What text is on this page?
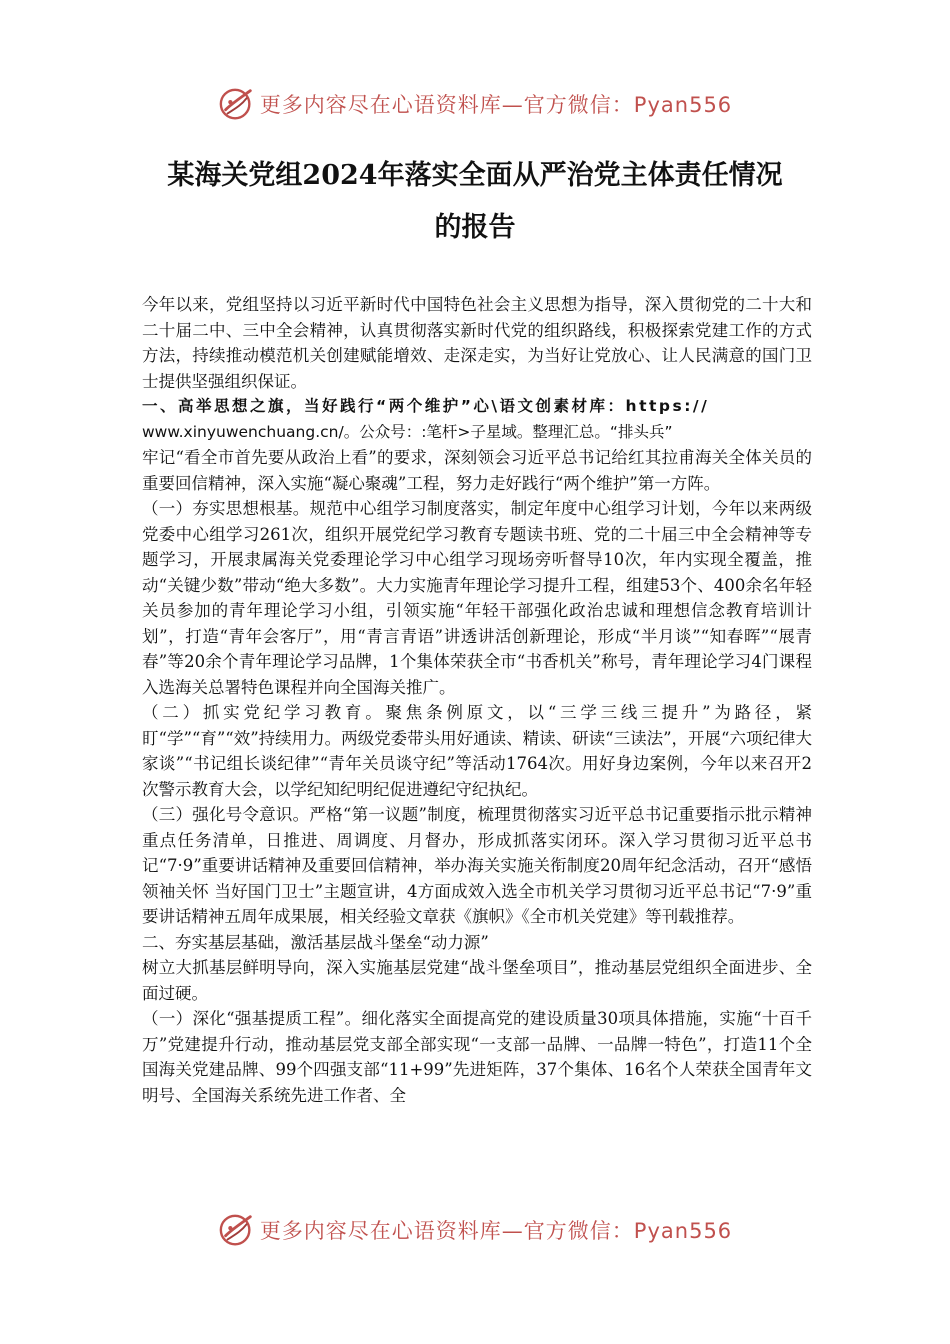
更多内容尽在心语资料库—官方微信：Pyan556
某海关党组2024年落实全面从严治党主体责任情况
的报告

今年以来，党组坚持以习近平新时代中国特色社会主义思想为指导，深入贯彻党的二十大和二十届二中、三中全会精神，认真贯彻落实新时代党的组织路线，积极探索党建工作的方式方法，持续推动模范机关创建赋能增效、走深走实，为当好让党放心、让人民满意的国门卫士提供坚强组织保证。

一、高举思想之旗，当好践行“两个维护”心\语文创素材库：https://

www.xinyuwenchuang.cn/。公众号：:笔杆>子星域。整理汇总。“排头兵”

牢记“看全市首先要从政治上看”的要求，深刻领会习近平总书记给红其拉甫海关全体关员的重要回信精神，深入实施“凝心聚魂”工程，努力走好践行“两个维护”第一方阵。

（一）夯实思想根基。规范中心组学习制度落实，制定年度中心组学习计划，今年以来两级党委中心组学习261次，组织开展党纪学习教育专题读书班、党的二十届三中全会精神等专题学习，开展隶属海关党委理论学习中心组学习现场旁听督导10次，年内实现全覆盖，推动“关键少数”带动“绝大多数”。大力实施青年理论学习提升工程，组建53个、400余名年轻关员参加的青年理论学习小组，引领实施“年轻干部强化政治忠诚和理想信念教育培训计划”，打造“青年会客厅”，用“青言青语”讲透讲活创新理论，形成“半月谈”“知春晖”“展青春”等20余个青年理论学习品牌，1个集体荣获全市“书香机关”称号，青年理论学习4门课程入选海关总署特色课程并向全国海关推广。

（二）抓实党纪学习教育。聚焦条例原文，以“三学三线三提升”为路径，紧盯“学”“育”“效”持续用力。两级党委带头用好通读、精读、研读“三读法”，开展“六项纪律大家谈”“书记组长谈纪律”“青年关员谈守纪”等活动1764次。用好身边案例，今年以来召开2次警示教育大会，以学纪知纪明纪促进遵纪守纪执纪。

（三）强化号令意识。严格“第一议题”制度，梳理贯彻落实习近平总书记重要指示批示精神重点任务清单，日推进、周调度、月督办，形成抓落实闭环。深入学习贯彻习近平总书记“7·9”重要讲话精神及重要回信精神，举办海关实施关衔制度20周年纪念活动，召开“感悟领袖关怀 当好国门卫士”主题宣讲，4方面成效入选全市机关学习贯彻习近平总书记“7·9”重要讲话精神五周年成果展，相关经验文章获《旗帜》《全市机关党建》等刊载推荐。

二、夯实基层基础，激活基层战斗堡垒“动力源”

树立大抓基层鲜明导向，深入实施基层党建“战斗堡垒项目”，推动基层党组织全面进步、全面过硬。

（一）深化“强基提质工程”。细化落实全面提高党的建设质量30项具体措施，实施“十百千万”党建提升行动，推动基层党支部全部实现“一支部一品牌、一品牌一特色”，打造11个全国海关党建品牌、99个四强支部“11+99”先进矩阵，37个集体、16名个人荣获全国青年文明号、全国海关系统先进工作者、全

更多内容尽在心语资料库—官方微信：Pyan556
